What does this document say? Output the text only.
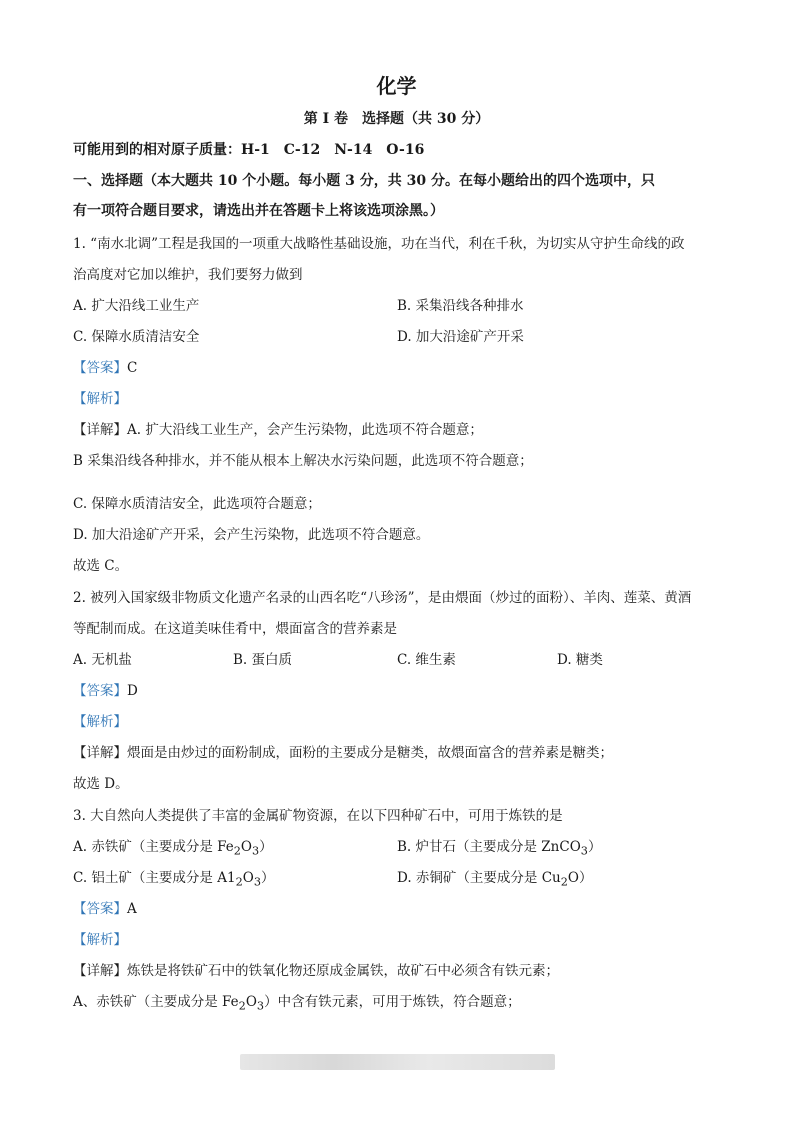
化学
第 I 卷　选择题（共 30 分）
可能用到的相对原子质量：H-1　C-12　N-14　O-16
一、选择题（本大题共 10 个小题。每小题 3 分，共 30 分。在每小题给出的四个选项中，只
有一项符合题目要求，请选出并在答题卡上将该选项涂黑。）
1. “南水北调”工程是我国的一项重大战略性基础设施，功在当代，利在千秋，为切实从守护生命线的政
治高度对它加以维护，我们要努力做到
A. 扩大沿线工业生产	B. 采集沿线各种排水
C. 保障水质清洁安全	D. 加大沿途矿产开采
【答案】C
【解析】
【详解】A. 扩大沿线工业生产，会产生污染物，此选项不符合题意；
B 采集沿线各种排水，并不能从根本上解决水污染问题，此选项不符合题意；
C. 保障水质清洁安全，此选项符合题意；
D. 加大沿途矿产开采，会产生污染物，此选项不符合题意。
故选 C。
2. 被列入国家级非物质文化遗产名录的山西名吃“八珍汤”，是由煨面（炒过的面粉）、羊肉、莲菜、黄酒
等配制而成。在这道美味佳肴中，煨面富含的营养素是
A. 无机盐	B. 蛋白质	C. 维生素	D. 糖类
【答案】D
【解析】
【详解】煨面是由炒过的面粉制成，面粉的主要成分是糖类，故煨面富含的营养素是糖类；
故选 D。
3. 大自然向人类提供了丰富的金属矿物资源，在以下四种矿石中，可用于炼铁的是
A. 赤铁矿（主要成分是 $Fe_2O_3$）	B. 炉甘石（主要成分是 ZnCO$_3$）
C. 铝土矿（主要成分是 $A1_2O_3$）	D. 赤铜矿（主要成分是 $Cu_2O$）
【答案】A
【解析】
【详解】炼铁是将铁矿石中的铁氧化物还原成金属铁，故矿石中必须含有铁元素；
A、赤铁矿（主要成分是 $Fe_2O_3$）中含有铁元素，可用于炼铁，符合题意；
